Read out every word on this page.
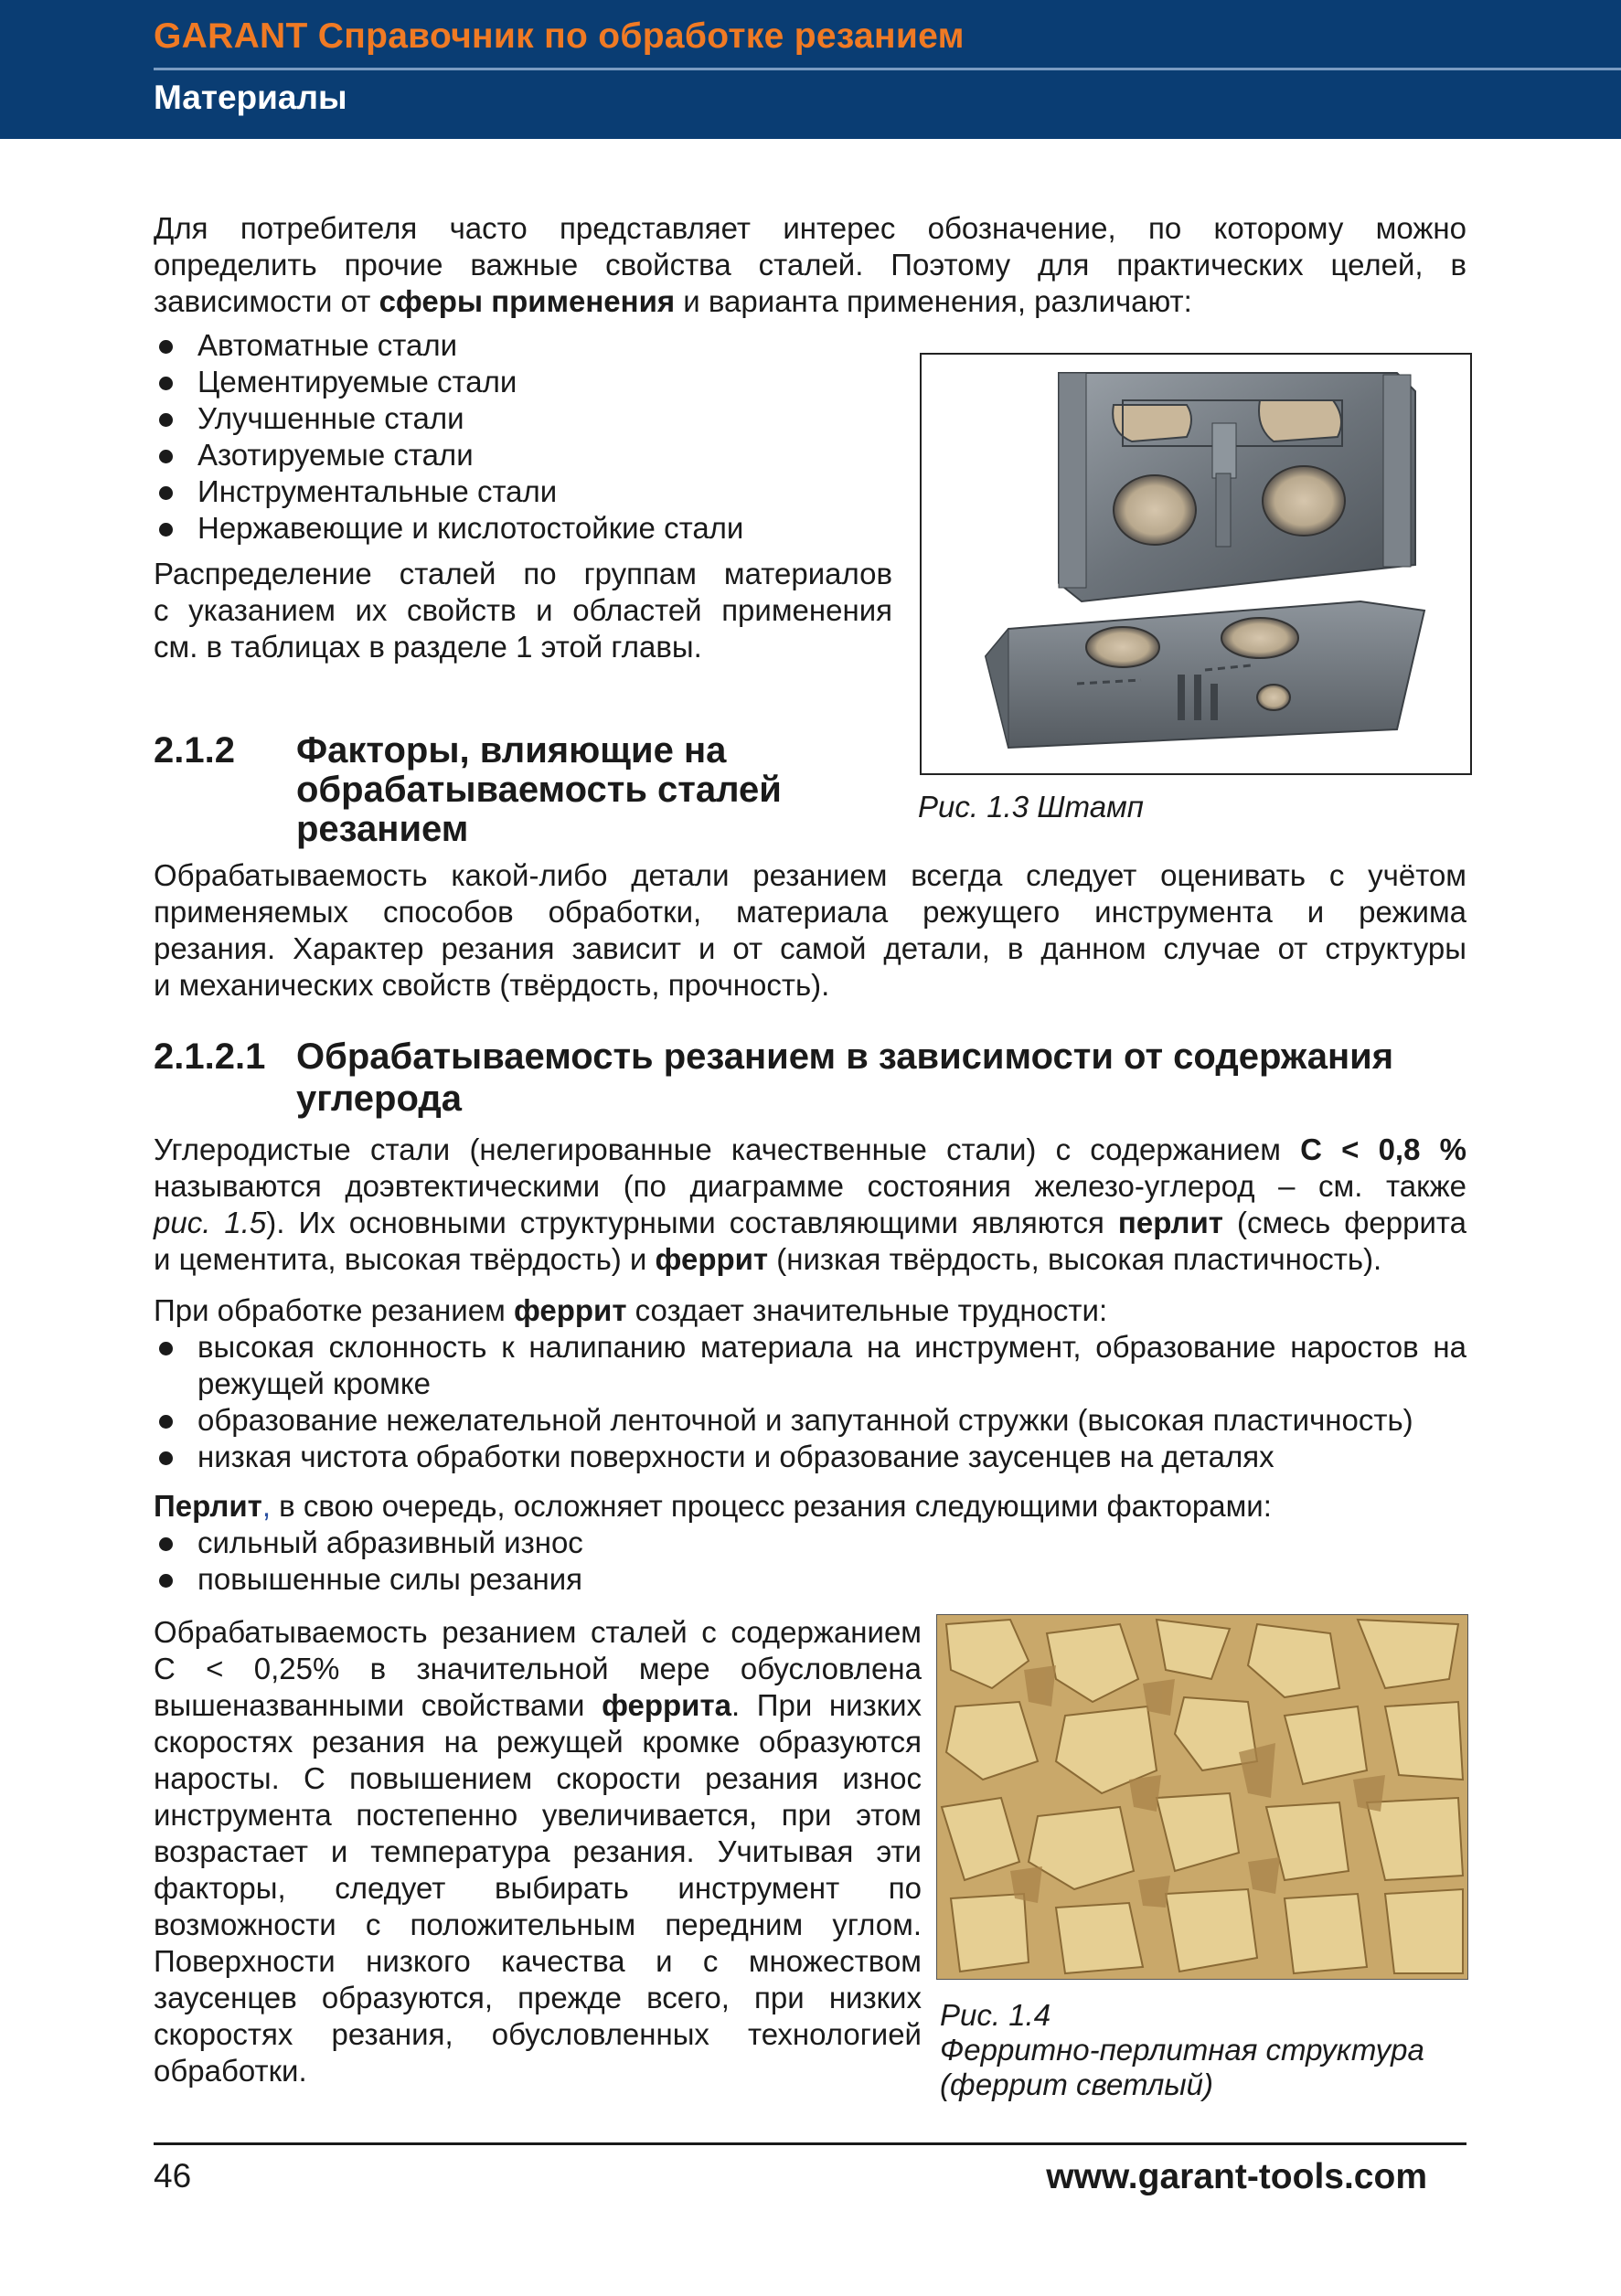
GARANT Справочник по обработке резанием
Материалы
Для потребителя часто представляет интерес обозначение, по которому можно
определить прочие важные свойства сталей. Поэтому для практических целей, в
зависимости от сферы применения и варианта применения, различают:
Автоматные стали
Цементируемые стали
Улучшенные стали
Азотируемые стали
Инструментальные стали
Нержавеющие и кислотостойкие стали
Распределение сталей по группам материалов
с указанием их свойств и областей применения
см. в таблицах в разделе 1 этой главы.
Рис. 1.3 Штамп
2.1.2 Факторы, влияющие на
обрабатываемость сталей
резанием
Обрабатываемость какой-либо детали резанием всегда следует оценивать с учётом
применяемых способов обработки, материала режущего инструмента и режима
резания. Характер резания зависит и от самой детали, в данном случае от структуры
и механических свойств (твёрдость, прочность).
2.1.2.1 Обрабатываемость резанием в зависимости от содержания
углерода
Углеродистые стали (нелегированные качественные стали) с содержанием C < 0,8 %
называются доэвтектическими (по диаграмме состояния железо-углерод – см. также
рис. 1.5). Их основными структурными составляющими являются перлит (смесь феррита
и цементита, высокая твёрдость) и феррит (низкая твёрдость, высокая пластичность).
При обработке резанием феррит создает значительные трудности:
высокая склонность к налипанию материала на инструмент, образование наростов на
режущей кромке
образование нежелательной ленточной и запутанной стружки (высокая пластичность)
низкая чистота обработки поверхности и образование заусенцев на деталях
Перлит, в свою очередь, осложняет процесс резания следующими факторами:
сильный абразивный износ
повышенные силы резания
Обрабатываемость резанием сталей с содержанием
C < 0,25% в значительной мере обусловлена
вышеназванными свойствами феррита. При низких
скоростях резания на режущей кромке образуются
наросты. С повышением скорости резания износ
инструмента постепенно увеличивается, при этом
возрастает и температура резания. Учитывая эти
факторы, следует выбирать инструмент по
возможности с положительным передним углом.
Поверхности низкого качества и с множеством
заусенцев образуются, прежде всего, при низких
скоростях резания, обусловленных технологией
обработки.
Рис. 1.4
Ферритно-перлитная структура
(феррит светлый)
46	www.garant-tools.com
